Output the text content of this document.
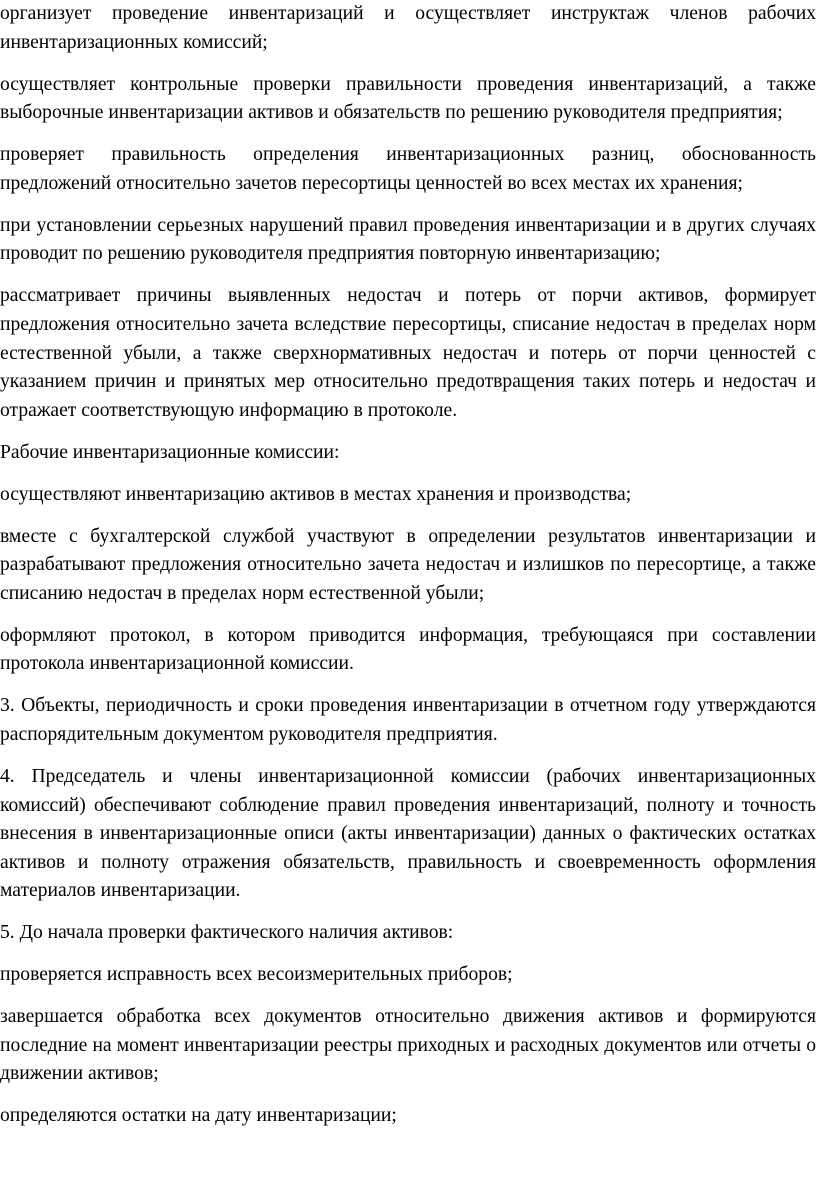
организует проведение инвентаризаций и осуществляет инструктаж членов рабочих инвентаризационных комиссий;

осуществляет контрольные проверки правильности проведения инвентаризаций, а также выборочные инвентаризации активов и обязательств по решению руководителя предприятия;

проверяет правильность определения инвентаризационных разниц, обоснованность предложений относительно зачетов пересортицы ценностей во всех местах их хранения;

при установлении серьезных нарушений правил проведения инвентаризации и в других случаях проводит по решению руководителя предприятия повторную инвентаризацию;

рассматривает причины выявленных недостач и потерь от порчи активов, формирует предложения относительно зачета вследствие пересортицы, списание недостач в пределах норм естественной убыли, а также сверхнормативных недостач и потерь от порчи ценностей с указанием причин и принятых мер относительно предотвращения таких потерь и недостач и отражает соответствующую информацию в протоколе.

Рабочие инвентаризационные комиссии:

осуществляют инвентаризацию активов в местах хранения и производства;

вместе с бухгалтерской службой участвуют в определении результатов инвентаризации и разрабатывают предложения относительно зачета недостач и излишков по пересортице, а также списанию недостач в пределах норм естественной убыли;

оформляют протокол, в котором приводится информация, требующаяся при составлении протокола инвентаризационной комиссии.

3. Объекты, периодичность и сроки проведения инвентаризации в отчетном году утверждаются распорядительным документом руководителя предприятия.

4. Председатель и члены инвентаризационной комиссии (рабочих инвентаризационных комиссий) обеспечивают соблюдение правил проведения инвентаризаций, полноту и точность внесения в инвентаризационные описи (акты инвентаризации) данных о фактических остатках активов и полноту отражения обязательств, правильность и своевременность оформления материалов инвентаризации.

5. До начала проверки фактического наличия активов:

проверяется исправность всех весоизмерительных приборов;

завершается обработка всех документов относительно движения активов и формируются последние на момент инвентаризации реестры приходных и расходных документов или отчеты о движении активов;

определяются остатки на дату инвентаризации;
